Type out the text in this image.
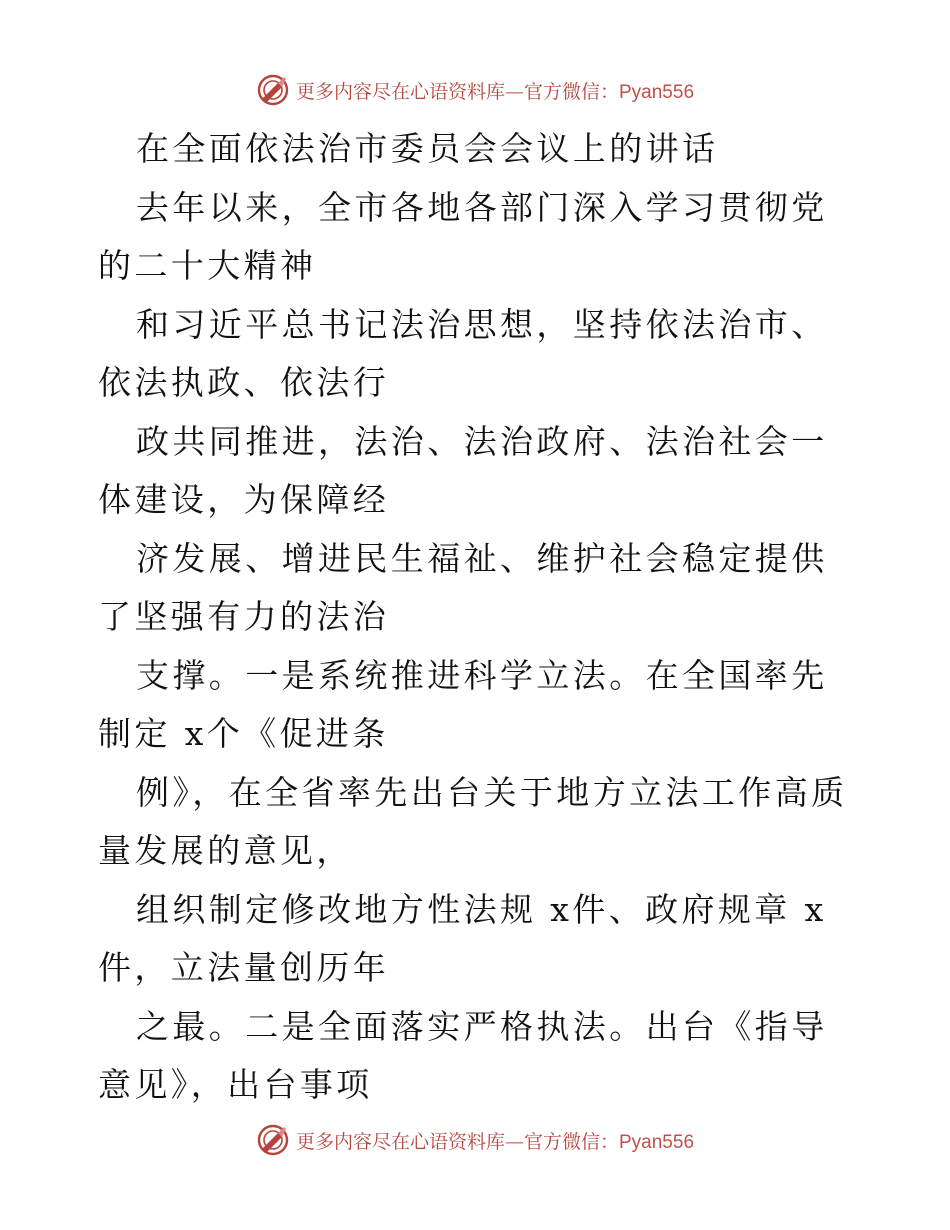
更多内容尽在心语资料库—官方微信：Pyan556

在全面依法治市委员会会议上的讲话

去年以来，全市各地各部门深入学习贯彻党的二十大精神

和习近平总书记法治思想，坚持依法治市、依法执政、依法行

政共同推进，法治、法治政府、法治社会一体建设，为保障经

济发展、增进民生福祉、维护社会稳定提供了坚强有力的法治

支撑。一是系统推进科学立法。在全国率先制定 x个《促进条

例》，在全省率先出台关于地方立法工作高质量发展的意见，

组织制定修改地方性法规 x件、政府规章 x 件，立法量创历年

之最。二是全面落实严格执法。出台《指导意见》，出台事项

更多内容尽在心语资料库—官方微信：Pyan556
